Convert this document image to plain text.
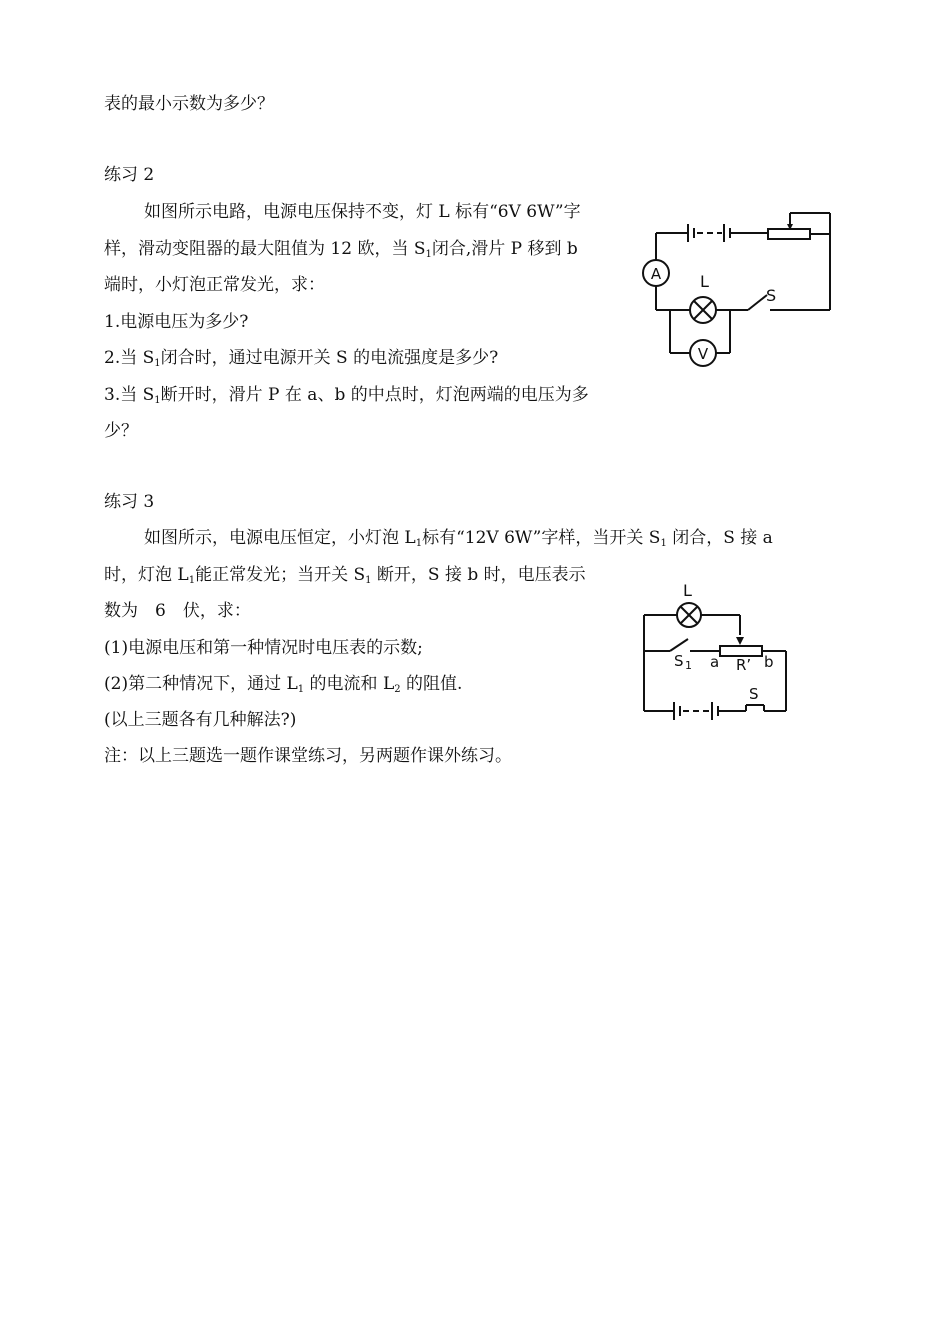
表的最小示数为多少？
练习 2
如图所示电路，电源电压保持不变，灯 L 标有“6V 6W”字
样，滑动变阻器的最大阻值为 12 欧，当 $S_1$闭合,滑片 P 移到 b
端时，小灯泡正常发光，求：
1.电源电压为多少?
2.当 $S_1$闭合时，通过电源开关 S 的电流强度是多少?
3.当 $S_1$断开时，滑片 P 在 a、b 的中点时，灯泡两端的电压为多
少？
A
V
L
S
练习 3
如图所示，电源电压恒定，小灯泡 $L_1$标有“12V 6W”字样，当开关 $S_1$ 闭合，S 接 a
时，灯泡 $L_1$能正常发光；当开关 $S_1$ 断开，S 接 b 时，电压表示
数为　6　伏，求：
(1)电源电压和第一种情况时电压表的示数;
(2)第二种情况下，通过 $L_1$ 的电流和 $L_2$ 的阻值.
(以上三题各有几种解法?)
注：以上三题选一题作课堂练习，另两题作课外练习。
L
S 1 a R’ b
S
